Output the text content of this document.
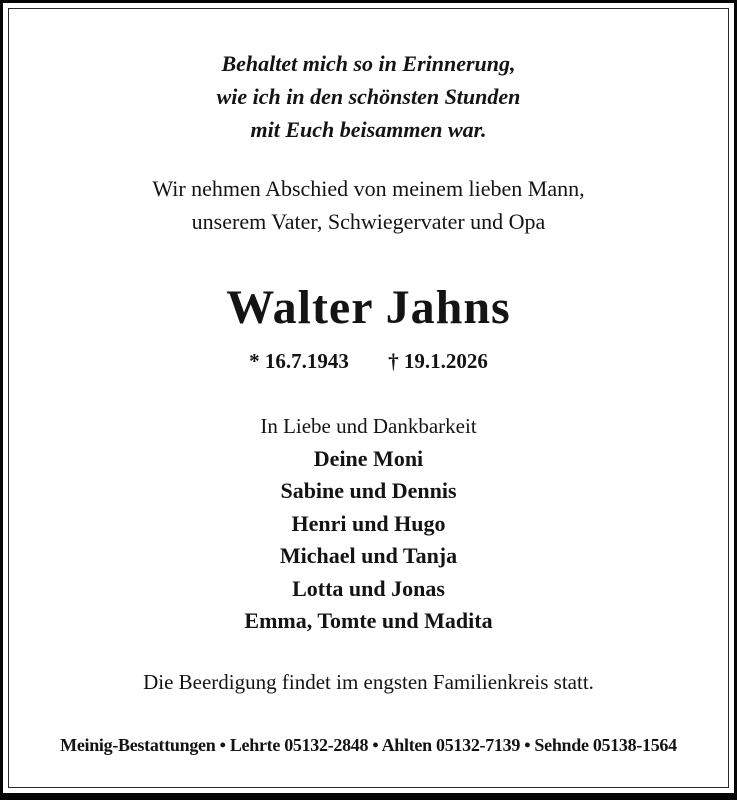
Behaltet mich so in Erinnerung,
wie ich in den schönsten Stunden
mit Euch beisammen war.

Wir nehmen Abschied von meinem lieben Mann,
unserem Vater, Schwiegervater und Opa

Walter Jahns

* 16.7.1943 † 19.1.2026

In Liebe und Dankbarkeit
Deine Moni
Sabine und Dennis
Henri und Hugo
Michael und Tanja
Lotta und Jonas
Emma, Tomte und Madita

Die Beerdigung findet im engsten Familienkreis statt.

Meinig-Bestattungen • Lehrte 05132-2848 • Ahlten 05132-7139 • Sehnde 05138-1564
